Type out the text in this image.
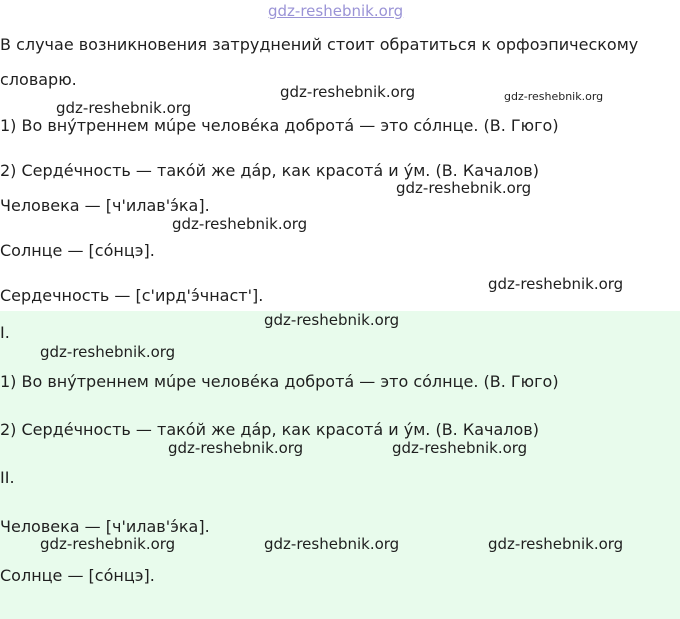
gdz-reshebnik.org
В случае возникновения затруднений стоит обратиться к орфоэпическому
словарю.
1) Во внýтреннем мúре человéка добротá — это сóлнце. (В. Гюго)
2) Сердéчность — такóй же дáр, как красотá и ýм. (В. Качалов)
Человека — [ч'илав'э́ка].
Солнце — [сóнцэ].
Сердечность — [с'ирд'э́чнаст'].
I.
1) Во внýтреннем мúре человéка добротá — это сóлнце. (В. Гюго)
2) Сердéчность — такóй же дáр, как красотá и ýм. (В. Качалов)
II.
Человека — [ч'илав'э́ка].
Солнце — [сóнцэ].

gdz-reshebnik.org	gdz-reshebnik.org
gdz-reshebnik.org
gdz-reshebnik.org
gdz-reshebnik.org
gdz-reshebnik.org
gdz-reshebnik.org
gdz-reshebnik.org
gdz-reshebnik.org	gdz-reshebnik.org
gdz-reshebnik.org	gdz-reshebnik.org	gdz-reshebnik.org
